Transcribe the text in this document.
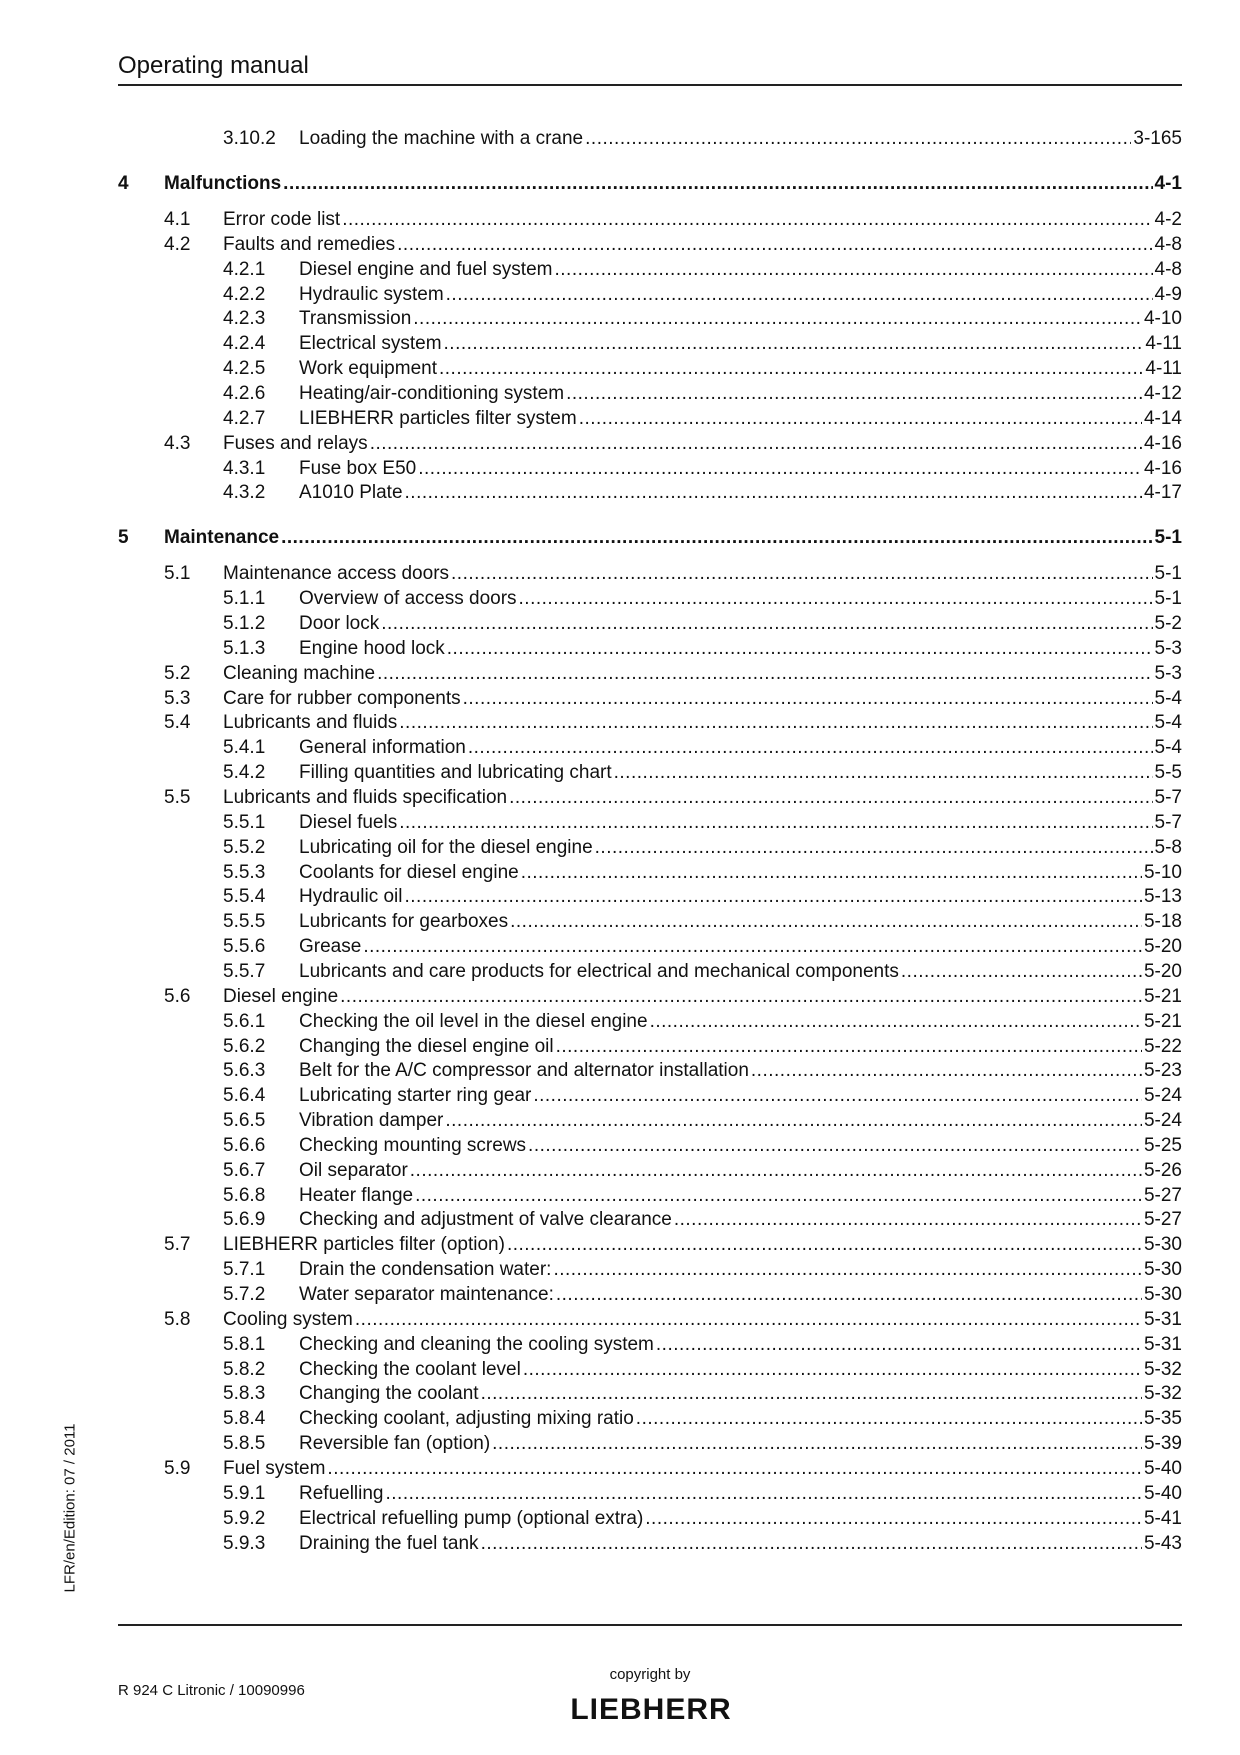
Operating manual
3.10.2 Loading the machine with a crane .....	3-165
4 Malfunctions .....	4-1
4.1 Error code list .....	4-2
4.2 Faults and remedies .....	4-8
4.2.1 Diesel engine and fuel system .....	4-8
4.2.2 Hydraulic system .....	4-9
4.2.3 Transmission .....	4-10
4.2.4 Electrical system .....	4-11
4.2.5 Work equipment .....	4-11
4.2.6 Heating/air-conditioning system .....	4-12
4.2.7 LIEBHERR particles filter system .....	4-14
4.3 Fuses and relays .....	4-16
4.3.1 Fuse box E50 .....	4-16
4.3.2 A1010 Plate .....	4-17
5 Maintenance .....	5-1
5.1 Maintenance access doors .....	5-1
5.1.1 Overview of access doors .....	5-1
5.1.2 Door lock .....	5-2
5.1.3 Engine hood lock .....	5-3
5.2 Cleaning machine .....	5-3
5.3 Care for rubber components .....	5-4
5.4 Lubricants and fluids .....	5-4
5.4.1 General information .....	5-4
5.4.2 Filling quantities and lubricating chart .....	5-5
5.5 Lubricants and fluids specification .....	5-7
5.5.1 Diesel fuels .....	5-7
5.5.2 Lubricating oil for the diesel engine .....	5-8
5.5.3 Coolants for diesel engine .....	5-10
5.5.4 Hydraulic oil .....	5-13
5.5.5 Lubricants for gearboxes .....	5-18
5.5.6 Grease .....	5-20
5.5.7 Lubricants and care products for electrical and mechanical components .....	5-20
5.6 Diesel engine .....	5-21
5.6.1 Checking the oil level in the diesel engine .....	5-21
5.6.2 Changing the diesel engine oil .....	5-22
5.6.3 Belt for the A/C compressor and alternator installation .....	5-23
5.6.4 Lubricating starter ring gear .....	5-24
5.6.5 Vibration damper .....	5-24
5.6.6 Checking mounting screws .....	5-25
5.6.7 Oil separator .....	5-26
5.6.8 Heater flange .....	5-27
5.6.9 Checking and adjustment of valve clearance .....	5-27
5.7 LIEBHERR particles filter (option) .....	5-30
5.7.1 Drain the condensation water: .....	5-30
5.7.2 Water separator maintenance: .....	5-30
5.8 Cooling system .....	5-31
5.8.1 Checking and cleaning the cooling system .....	5-31
5.8.2 Checking the coolant level .....	5-32
5.8.3 Changing the coolant .....	5-32
5.8.4 Checking coolant, adjusting mixing ratio .....	5-35
5.8.5 Reversible fan (option) .....	5-39
5.9 Fuel system .....	5-40
5.9.1 Refuelling .....	5-40
5.9.2 Electrical refuelling pump (optional extra) .....	5-41
5.9.3 Draining the fuel tank .....	5-43
LFR/en/Edition: 07 / 2011
R 924 C Litronic / 10090996
copyright by
LIEBHERR
